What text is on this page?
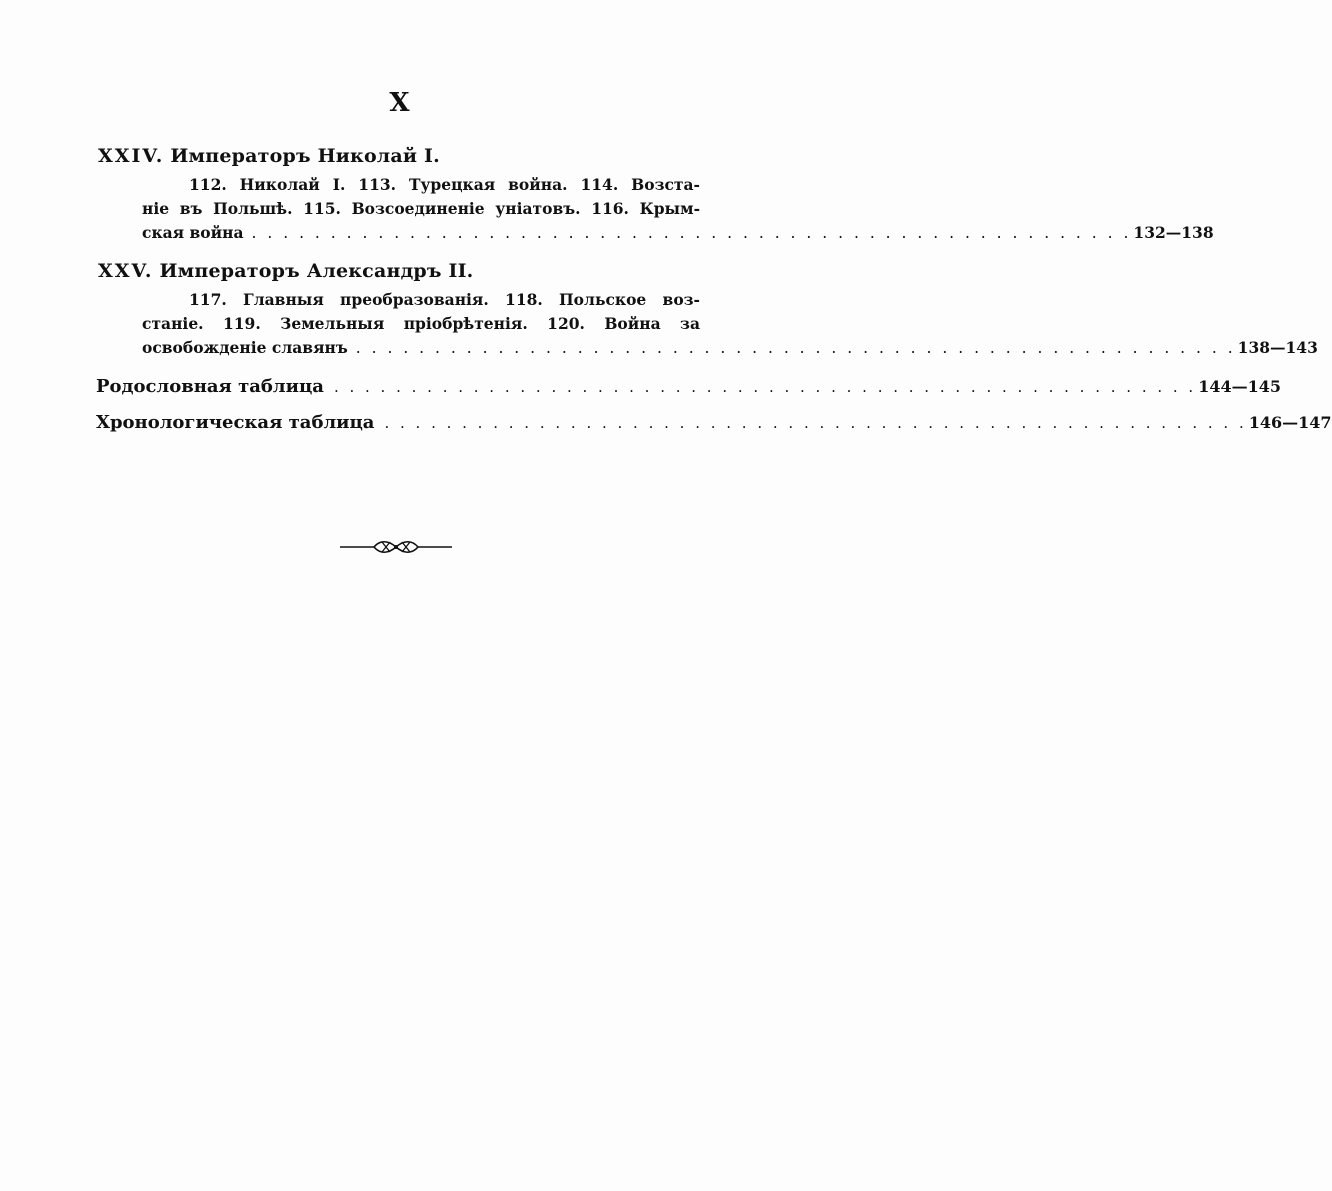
X
XXIV. Императоръ Николай I.
112. Николай I. 113. Турецкая война. 114. Возста-
ніе въ Польшѣ. 115. Возсоединеніе уніатовъ. 116. Крым-
ская война . . . . . . . . . . . . . . . . . . . . . . . . . . . . . . . . . . . . . . . . . . . . . . . . . . . . . . . . 132—138
XXV. Императоръ Александръ II.
117. Главныя преобразованія. 118. Польское воз-
станіе. 119. Земельныя пріобрѣтенія. 120. Война за
освобожденіе славянъ . . . . . . . . . . . . . . . . . . . . . . . . . . . . . . . . . . . . . . . . . . . . . . . . . . . . . . . . 138—143
Родословная таблица . . . . . . . . . . . . . . . . . . . . . . . . . . . . . . . . . . . . . . . . . . . . . . . . . . . . . . . . 144—145
Хронологическая таблица . . . . . . . . . . . . . . . . . . . . . . . . . . . . . . . . . . . . . . . . . . . . . . . . . . . . . . . . 146—147
